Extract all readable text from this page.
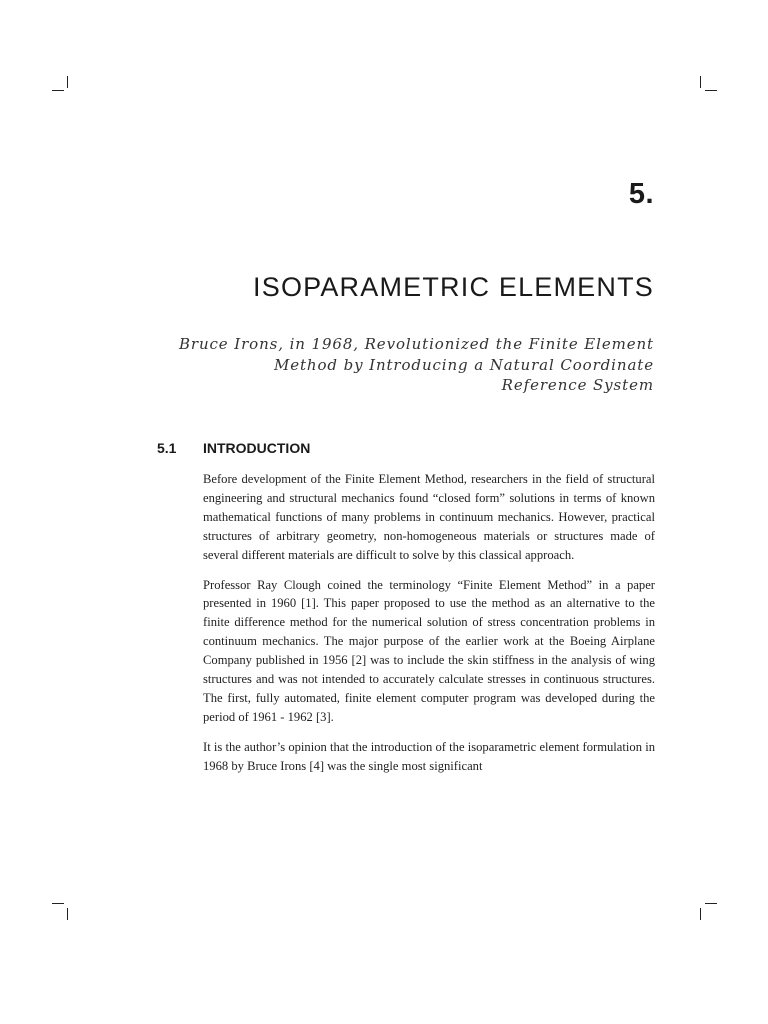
5.
ISOPARAMETRIC ELEMENTS
Bruce Irons, in 1968, Revolutionized the Finite Element
Method by Introducing a Natural Coordinate
Reference System
5.1 INTRODUCTION

Before development of the Finite Element Method, researchers in the field of structural engineering and structural mechanics found “closed form” solutions in terms of known mathematical functions of many problems in continuum mechanics. However, practical structures of arbitrary geometry, non-homogeneous materials or structures made of several different materials are difficult to solve by this classical approach.

Professor Ray Clough coined the terminology “Finite Element Method” in a paper presented in 1960 [1]. This paper proposed to use the method as an alternative to the finite difference method for the numerical solution of stress concentration problems in continuum mechanics. The major purpose of the earlier work at the Boeing Airplane Company published in 1956 [2] was to include the skin stiffness in the analysis of wing structures and was not intended to accurately calculate stresses in continuous structures. The first, fully automated, finite element computer program was developed during the period of 1961 - 1962 [3].

It is the author’s opinion that the introduction of the isoparametric element formulation in 1968 by Bruce Irons [4] was the single most significant
